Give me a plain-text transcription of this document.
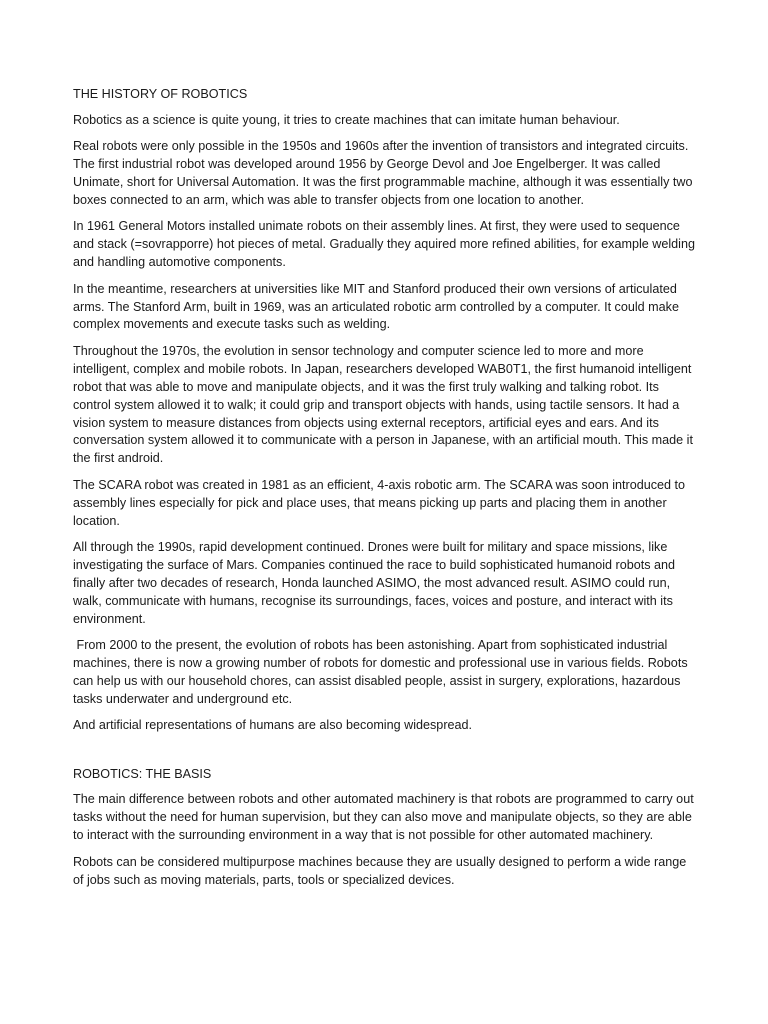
THE HISTORY OF ROBOTICS

Robotics as a science is quite young, it tries to create machines that can imitate human behaviour.

Real robots were only possible in the 1950s and 1960s after the invention of transistors and integrated circuits. The first industrial robot was developed around 1956 by George Devol and Joe Engelberger. It was called Unimate, short for Universal Automation. It was the first programmable machine, although it was essentially two boxes connected to an arm, which was able to transfer objects from one location to another.

In 1961 General Motors installed unimate robots on their assembly lines. At first, they were used to sequence and stack (=sovrapporre) hot pieces of metal. Gradually they aquired more refined abilities, for example welding and handling automotive components.

In the meantime, researchers at universities like MIT and Stanford produced their own versions of articulated arms. The Stanford Arm, built in 1969, was an articulated robotic arm controlled by a computer. It could make complex movements and execute tasks such as welding.

Throughout the 1970s, the evolution in sensor technology and computer science led to more and more intelligent, complex and mobile robots. In Japan, researchers developed WAB0T1, the first humanoid intelligent robot that was able to move and manipulate objects, and it was the first truly walking and talking robot. Its control system allowed it to walk; it could grip and transport objects with hands, using tactile sensors. It had a vision system to measure distances from objects using external receptors, artificial eyes and ears. And its conversation system allowed it to communicate with a person in Japanese, with an artificial mouth. This made it the first android.

The SCARA robot was created in 1981 as an efficient, 4-axis robotic arm. The SCARA was soon introduced to assembly lines especially for pick and place uses, that means picking up parts and placing them in another location.

All through the 1990s, rapid development continued. Drones were built for military and space missions, like investigating the surface of Mars. Companies continued the race to build sophisticated humanoid robots and finally after two decades of research, Honda launched ASIMO, the most advanced result. ASIMO could run, walk, communicate with humans, recognise its surroundings, faces, voices and posture, and interact with its environment.

From 2000 to the present, the evolution of robots has been astonishing. Apart from sophisticated industrial machines, there is now a growing number of robots for domestic and professional use in various fields. Robots can help us with our household chores, can assist disabled people, assist in surgery, explorations, hazardous tasks underwater and underground etc.

And artificial representations of humans are also becoming widespread.

ROBOTICS: THE BASIS

The main difference between robots and other automated machinery is that robots are programmed to carry out tasks without the need for human supervision, but they can also move and manipulate objects, so they are able to interact with the surrounding environment in a way that is not possible for other automated machinery.

Robots can be considered multipurpose machines because they are usually designed to perform a wide range of jobs such as moving materials, parts, tools or specialized devices.
